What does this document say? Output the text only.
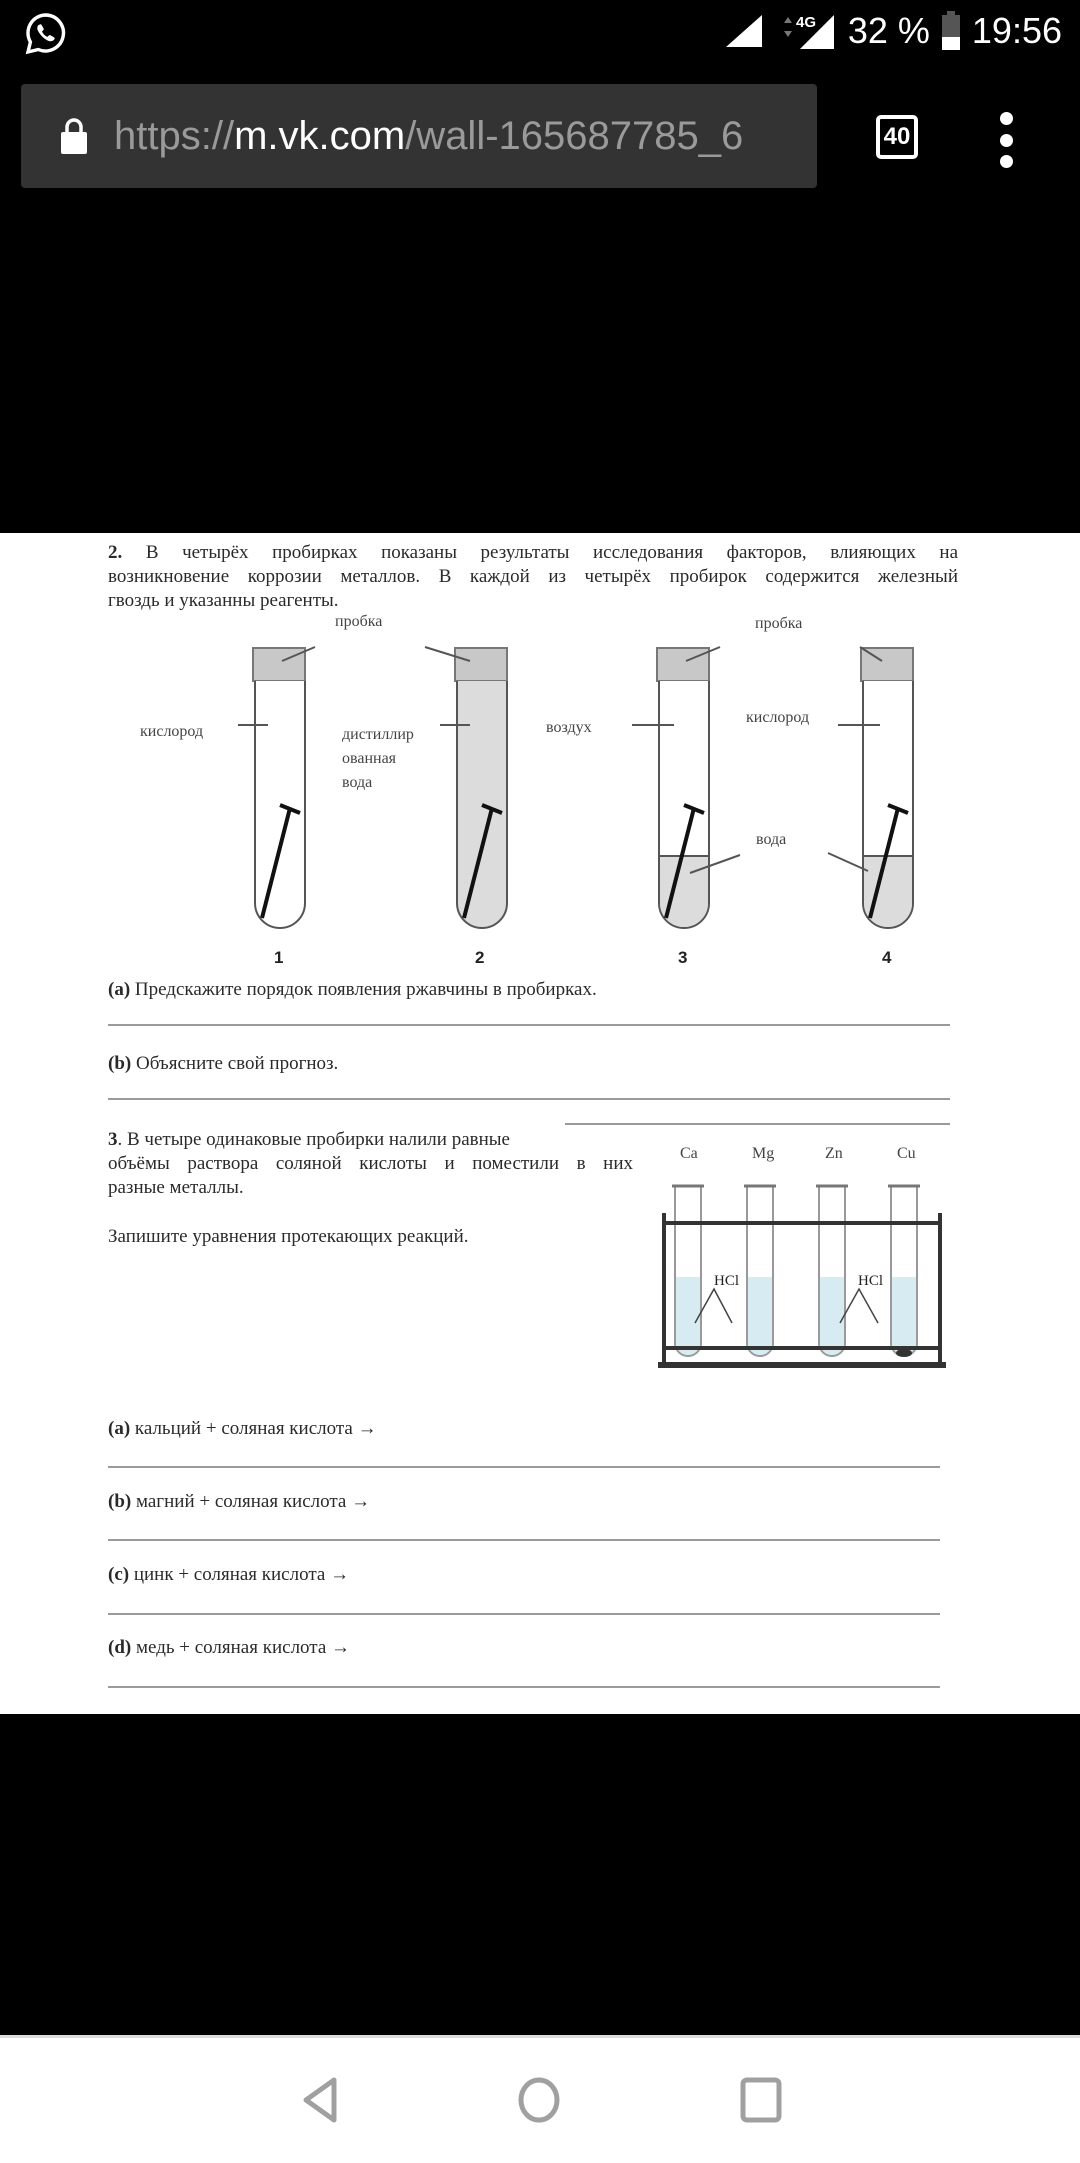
4G 32 % 19:56
https://m.vk.com/wall-165687785_6	40
2. В четырёх пробирках показаны результаты исследования факторов, влияющих на
возникновение коррозии металлов. В каждой из четырёх пробирок содержится железный
гвоздь и указанны реагенты.
пробка	пробка
кислород	дистиллир
ованная
вода
воздух
кислород
вода
1	2	3	4
(a) Предскажите порядок появления ржавчины в пробирках.
(b) Объясните свой прогноз.
3. В четыре одинаковые пробирки налили равные
объёмы раствора соляной кислоты и поместили в них
разные металлы.
Запишите уравнения протекающих реакций.
Ca	Mg	Zn	Cu
HCl	HCl
(a) кальций + соляная кислота →
(b) магний + соляная кислота →
(c) цинк + соляная кислота →
(d) медь + соляная кислота →
